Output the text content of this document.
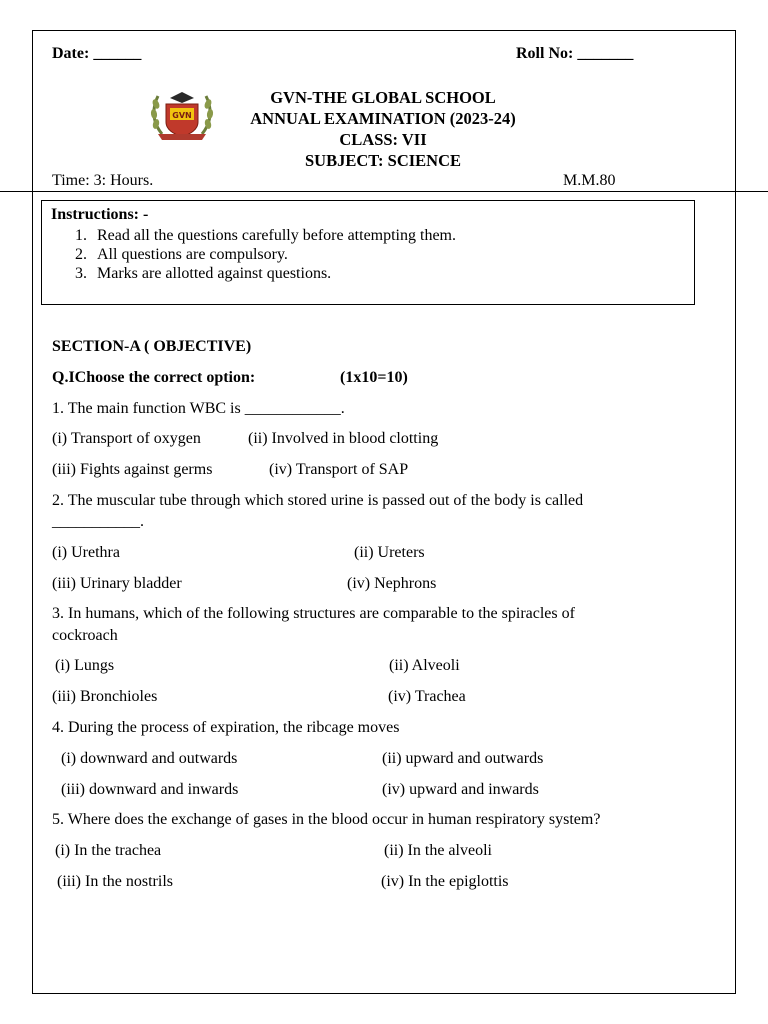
Date: ______	Roll No: _______
GVN
GVN-THE GLOBAL SCHOOL
ANNUAL EXAMINATION (2023-24)
CLASS: VII
SUBJECT: SCIENCE
Time: 3: Hours.	M.M.80
Instructions: -
1. Read all the questions carefully before attempting them.
2. All questions are compulsory.
3. Marks are allotted against questions.
SECTION-A ( OBJECTIVE)
Q.IChoose the correct option:	(1x10=10)
1. The main function WBC is ____________.
(i) Transport of oxygen	(ii) Involved in blood clotting
(iii) Fights against germs	(iv) Transport of SAP
2. The muscular tube through which stored urine is passed out of the body is called
___________.
(i) Urethra	(ii) Ureters
(iii) Urinary bladder	(iv) Nephrons
3. In humans, which of the following structures are comparable to the spiracles of
cockroach
(i) Lungs	(ii) Alveoli
(iii) Bronchioles	(iv) Trachea
4. During the process of expiration, the ribcage moves
(i) downward and outwards	(ii) upward and outwards
(iii) downward and inwards	(iv) upward and inwards
5. Where does the exchange of gases in the blood occur in human respiratory system?
(i) In the trachea	(ii) In the alveoli
(iii) In the nostrils	(iv) In the epiglottis
